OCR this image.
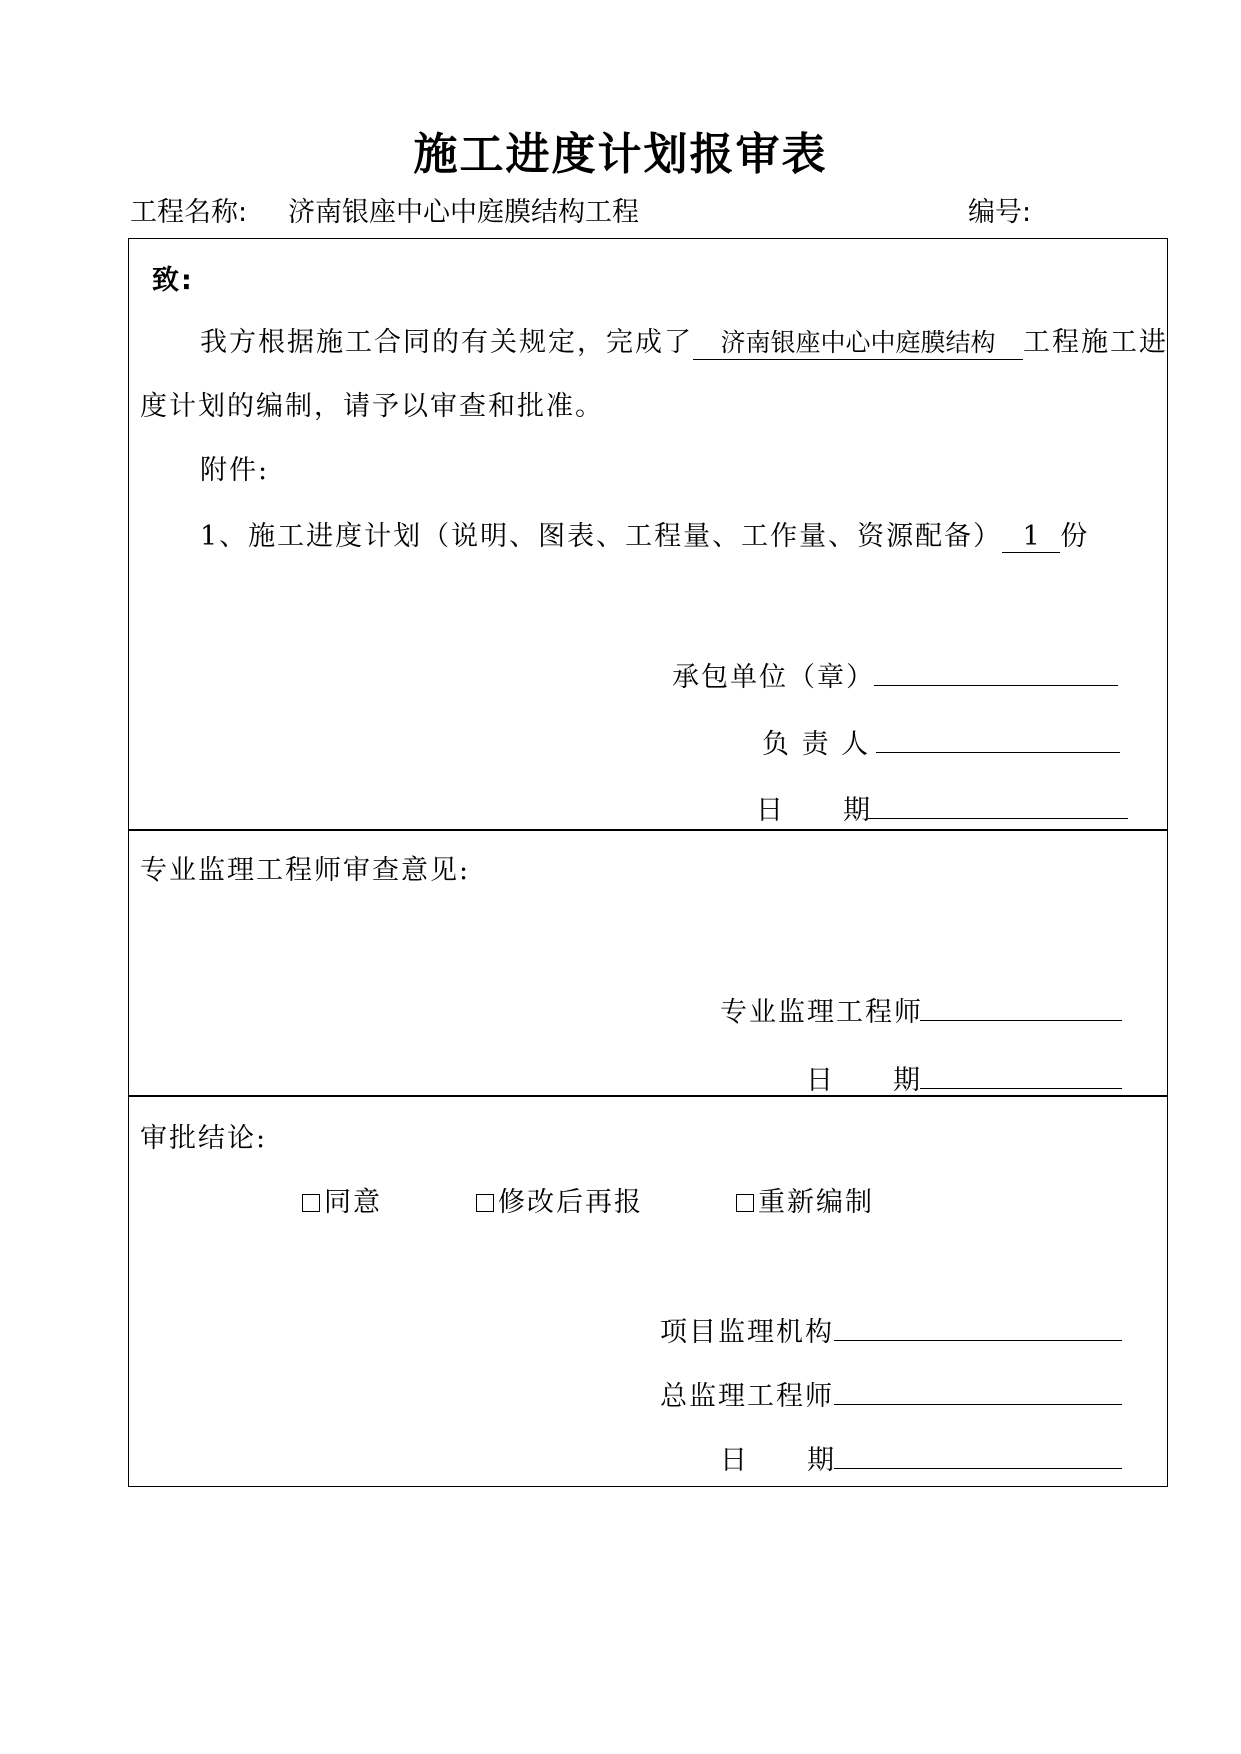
施工进度计划报审表
工程名称: 济南银座中心中庭膜结构工程	编号:
致:
我方根据施工合同的有关规定，完成了 济南银座中心中庭膜结构 工程施工进
度计划的编制，请予以审查和批准。
附件:
1、施工进度计划（说明、图表、工程量、工作量、资源配备） 1 份
承包单位（章）
负 责 人
日　　期
专业监理工程师审查意见:
专业监理工程师
日　　期
审批结论:
同意	修改后再报	重新编制
项目监理机构
总监理工程师
日　　期
